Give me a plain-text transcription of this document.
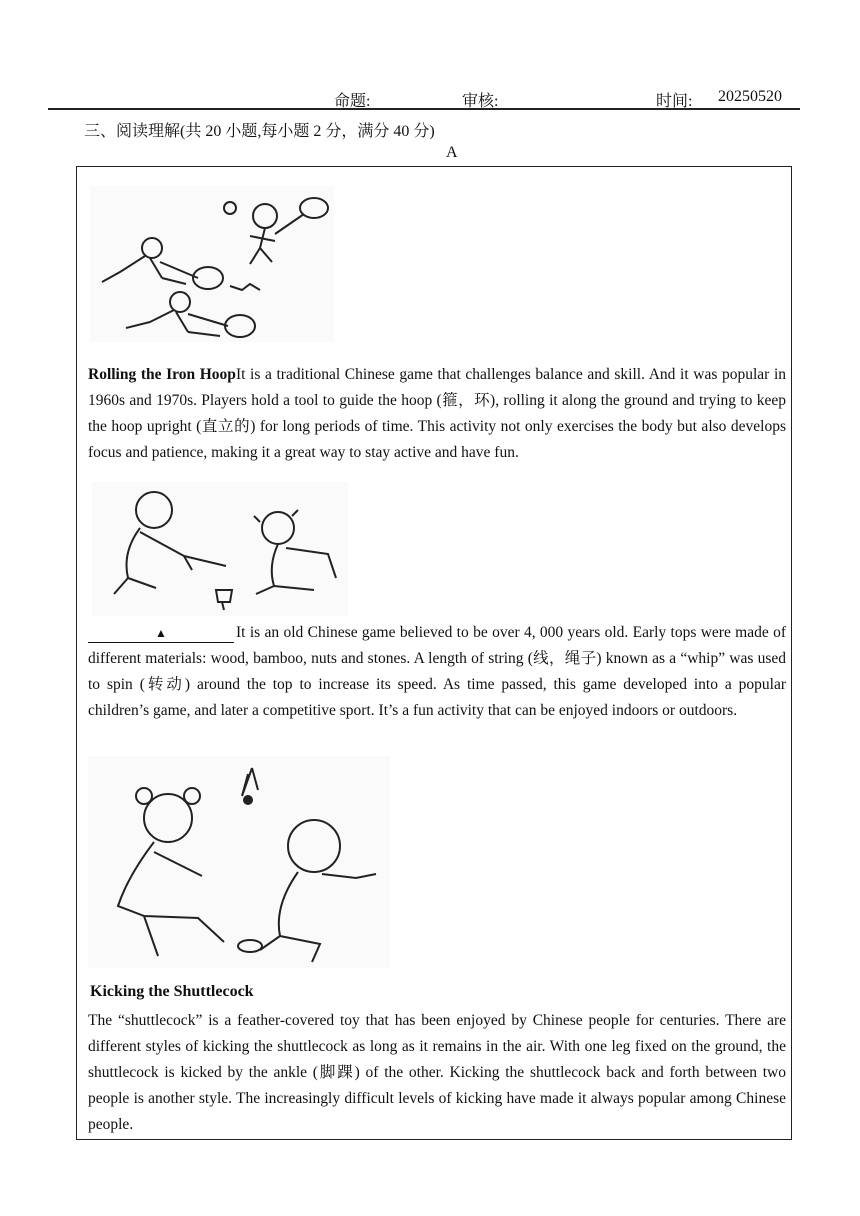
命题:	审核:	时间: 20250520
三、阅读理解(共 20 小题,每小题 2 分，满分 40 分)
A
Rolling the Iron HoopIt is a traditional Chinese game that challenges balance and skill. And it was popular in 1960s and 1970s. Players hold a tool to guide the hoop (箍，环), rolling it along the ground and trying to keep the hoop upright (直立的) for long periods of time. This activity not only exercises the body but also develops focus and patience, making it a great way to stay active and have fun.
▲	It is an old Chinese game believed to be over 4, 000 years old. Early tops were made of different materials: wood, bamboo, nuts and stones. A length of string (线，绳子) known as a “whip” was used to spin (转动) around the top to increase its speed. As time passed, this game developed into a popular children’s game, and later a competitive sport. It’s a fun activity that can be enjoyed indoors or outdoors.
Kicking the Shuttlecock
The “shuttlecock” is a feather-covered toy that has been enjoyed by Chinese people for centuries. There are different styles of kicking the shuttlecock as long as it remains in the air. With one leg fixed on the ground, the shuttlecock is kicked by the ankle (脚踝) of the other. Kicking the shuttlecock back and forth between two people is another style. The increasingly difficult levels of kicking have made it always popular among Chinese people.
